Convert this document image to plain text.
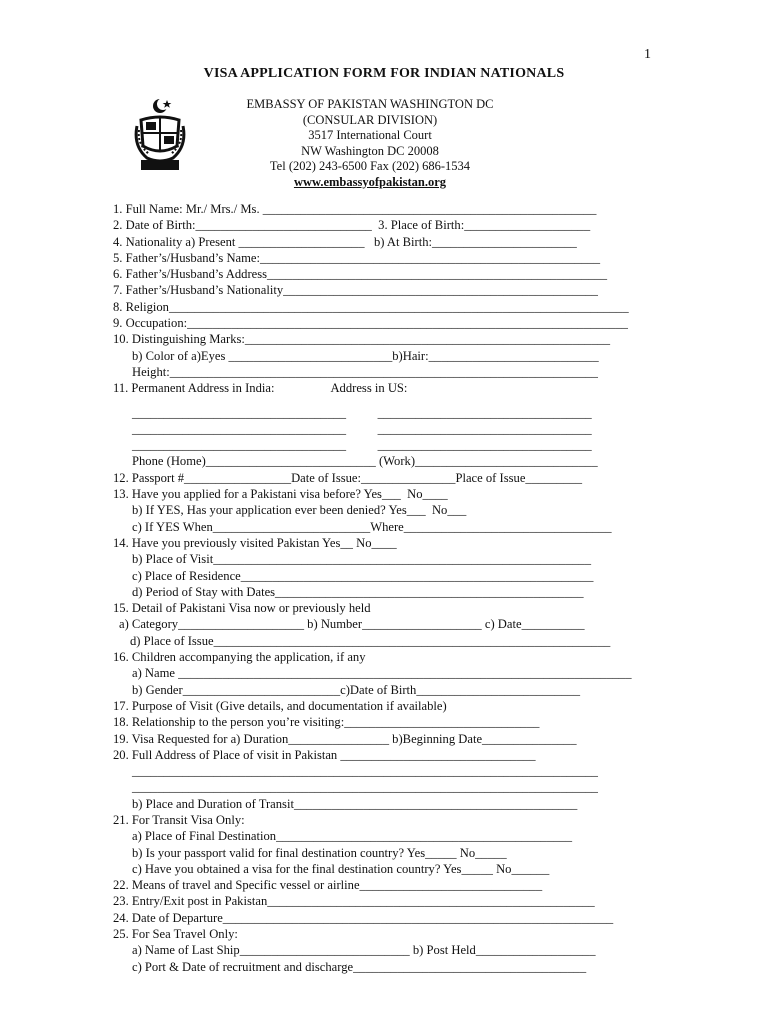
1
VISA APPLICATION FORM FOR INDIAN NATIONALS
EMBASSY OF PAKISTAN WASHINGTON DC
(CONSULAR DIVISION)
3517 International Court
NW Washington DC 20008
Tel (202) 243-6500 Fax (202) 686-1534
www.embassyofpakistan.org
1. Full Name: Mr./ Mrs./ Ms. _____________________________________________________
2. Date of Birth:____________________________  3. Place of Birth:____________________
4. Nationality a) Present ____________________   b) At Birth:_______________________
5. Father’s/Husband’s Name:______________________________________________________
6. Father’s/Husband’s Address______________________________________________________
7. Father’s/Husband’s Nationality__________________________________________________
8. Religion_________________________________________________________________________
9. Occupation:______________________________________________________________________
10. Distinguishing Marks:__________________________________________________________
b) Color of a)Eyes __________________________b)Hair:___________________________
Height:____________________________________________________________________
11. Permanent Address in India:                  Address in US:
__________________________________          __________________________________
__________________________________          __________________________________
__________________________________          __________________________________
Phone (Home)___________________________ (Work)_____________________________
12. Passport #_________________Date of Issue:_______________Place of Issue_________
13. Have you applied for a Pakistani visa before? Yes___  No____
b) If YES, Has your application ever been denied? Yes___  No___
c) If YES When_________________________Where_________________________________
14. Have you previously visited Pakistan Yes__ No____
b) Place of Visit____________________________________________________________
c) Place of Residence________________________________________________________
d) Period of Stay with Dates_________________________________________________
15. Detail of Pakistani Visa now or previously held
a) Category____________________ b) Number___________________ c) Date__________
d) Place of Issue_______________________________________________________________
16. Children accompanying the application, if any
a) Name ________________________________________________________________________
b) Gender_________________________c)Date of Birth__________________________
17. Purpose of Visit (Give details, and documentation if available)
18. Relationship to the person you’re visiting:_______________________________
19. Visa Requested for a) Duration________________ b)Beginning Date_______________
20. Full Address of Place of visit in Pakistan _______________________________
__________________________________________________________________________
__________________________________________________________________________
b) Place and Duration of Transit_____________________________________________
21. For Transit Visa Only:
a) Place of Final Destination_______________________________________________
b) Is your passport valid for final destination country? Yes_____ No_____
c) Have you obtained a visa for the final destination country? Yes_____ No______
22. Means of travel and Specific vessel or airline_____________________________
23. Entry/Exit post in Pakistan____________________________________________________
24. Date of Departure______________________________________________________________
25. For Sea Travel Only:
a) Name of Last Ship___________________________ b) Post Held___________________
c) Port & Date of recruitment and discharge_____________________________________
